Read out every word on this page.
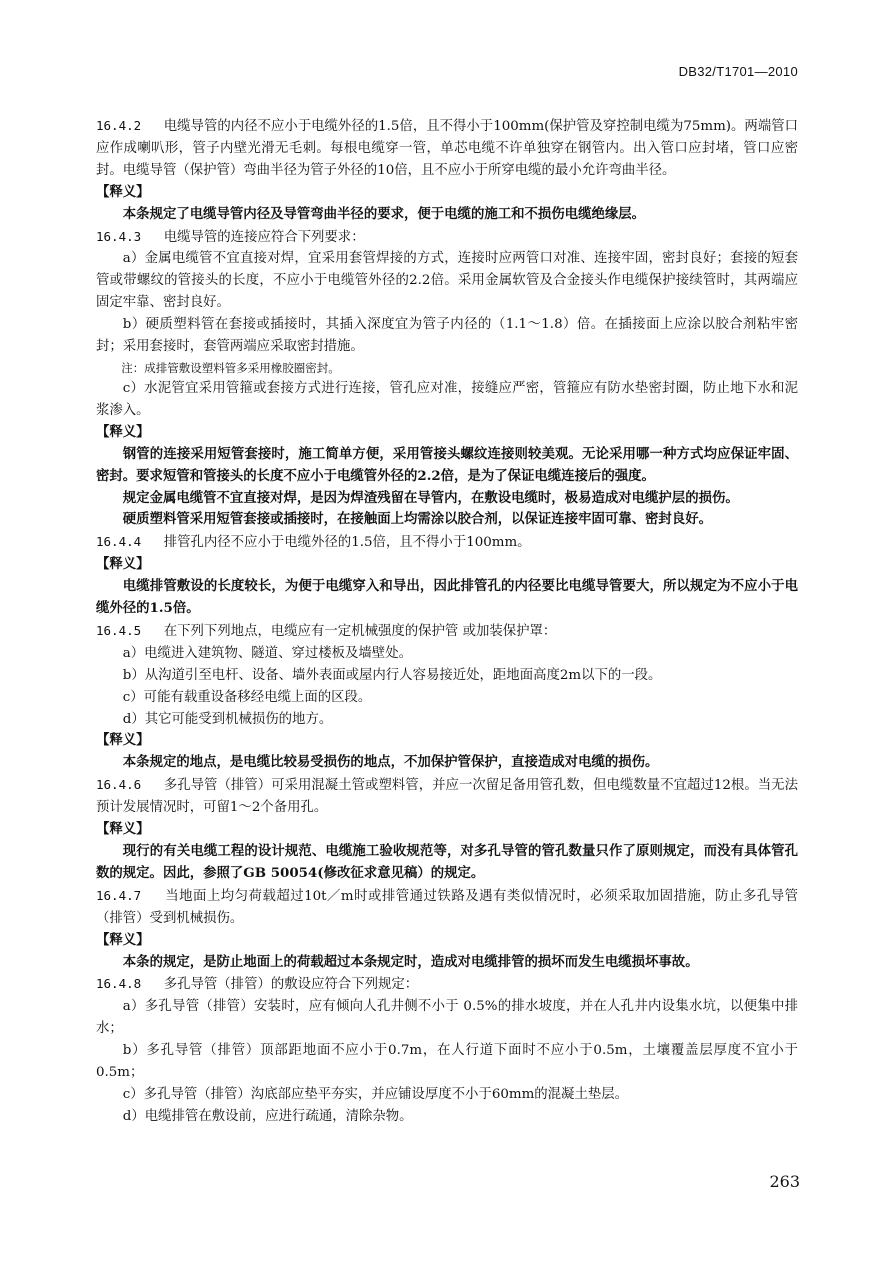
DB32/T1701—2010

16.4.2 电缆导管的内径不应小于电缆外径的1.5倍，且不得小于100mm(保护管及穿控制电缆为75mm)。两端管口应作成喇叭形，管子内壁光滑无毛刺。每根电缆穿一管，单芯电缆不许单独穿在钢管内。出入管口应封堵，管口应密封。电缆导管（保护管）弯曲半径为管子外径的10倍，且不应小于所穿电缆的最小允许弯曲半径。

【释义】

本条规定了电缆导管内径及导管弯曲半径的要求，便于电缆的施工和不损伤电缆绝缘层。

16.4.3 电缆导管的连接应符合下列要求：

a）金属电缆管不宜直接对焊，宜采用套管焊接的方式，连接时应两管口对准、连接牢固，密封良好；套接的短套管或带螺纹的管接头的长度，不应小于电缆管外径的2.2倍。采用金属软管及合金接头作电缆保护接续管时，其两端应固定牢靠、密封良好。

b）硬质塑料管在套接或插接时，其插入深度宜为管子内径的（1.1～1.8）倍。在插接面上应涂以胶合剂粘牢密封；采用套接时，套管两端应采取密封措施。

注：成排管敷设塑料管多采用橡胶圈密封。

c）水泥管宜采用管箍或套接方式进行连接，管孔应对准，接缝应严密，管箍应有防水垫密封圈，防止地下水和泥浆渗入。

【释义】

钢管的连接采用短管套接时，施工简单方便，采用管接头螺纹连接则较美观。无论采用哪一种方式均应保证牢固、密封。要求短管和管接头的长度不应小于电缆管外径的2.2倍，是为了保证电缆连接后的强度。

规定金属电缆管不宜直接对焊，是因为焊渣残留在导管内，在敷设电缆时，极易造成对电缆护层的损伤。

硬质塑料管采用短管套接或插接时，在接触面上均需涂以胶合剂，以保证连接牢固可靠、密封良好。

16.4.4 排管孔内径不应小于电缆外径的1.5倍，且不得小于100mm。

【释义】

电缆排管敷设的长度较长，为便于电缆穿入和导出，因此排管孔的内径要比电缆导管要大，所以规定为不应小于电缆外径的1.5倍。

16.4.5 在下列下列地点，电缆应有一定机械强度的保护管 或加装保护罩：

a）电缆进入建筑物、隧道、穿过楼板及墙壁处。

b）从沟道引至电杆、设备、墙外表面或屋内行人容易接近处，距地面高度2m以下的一段。

c）可能有载重设备移经电缆上面的区段。

d）其它可能受到机械损伤的地方。

【释义】

本条规定的地点，是电缆比较易受损伤的地点，不加保护管保护，直接造成对电缆的损伤。

16.4.6 多孔导管（排管）可采用混凝土管或塑料管，并应一次留足备用管孔数，但电缆数量不宜超过12根。当无法预计发展情况时，可留1～2个备用孔。

【释义】

现行的有关电缆工程的设计规范、电缆施工验收规范等，对多孔导管的管孔数量只作了原则规定，而没有具体管孔数的规定。因此，参照了GB 50054(修改征求意见稿）的规定。

16.4.7 当地面上均匀荷载超过10t／m时或排管通过铁路及遇有类似情况时，必须采取加固措施，防止多孔导管（排管）受到机械损伤。

【释义】

本条的规定，是防止地面上的荷载超过本条规定时，造成对电缆排管的损坏而发生电缆损坏事故。

16.4.8 多孔导管（排管）的敷设应符合下列规定：

a）多孔导管（排管）安装时，应有倾向人孔井侧不小于 0.5%的排水坡度，并在人孔井内设集水坑，以便集中排水；

b）多孔导管（排管）顶部距地面不应小于0.7m，在人行道下面时不应小于0.5m，土壤覆盖层厚度不宜小于0.5m；

c）多孔导管（排管）沟底部应垫平夯实，并应铺设厚度不小于60mm的混凝土垫层。

d）电缆排管在敷设前，应进行疏通，清除杂物。

263
